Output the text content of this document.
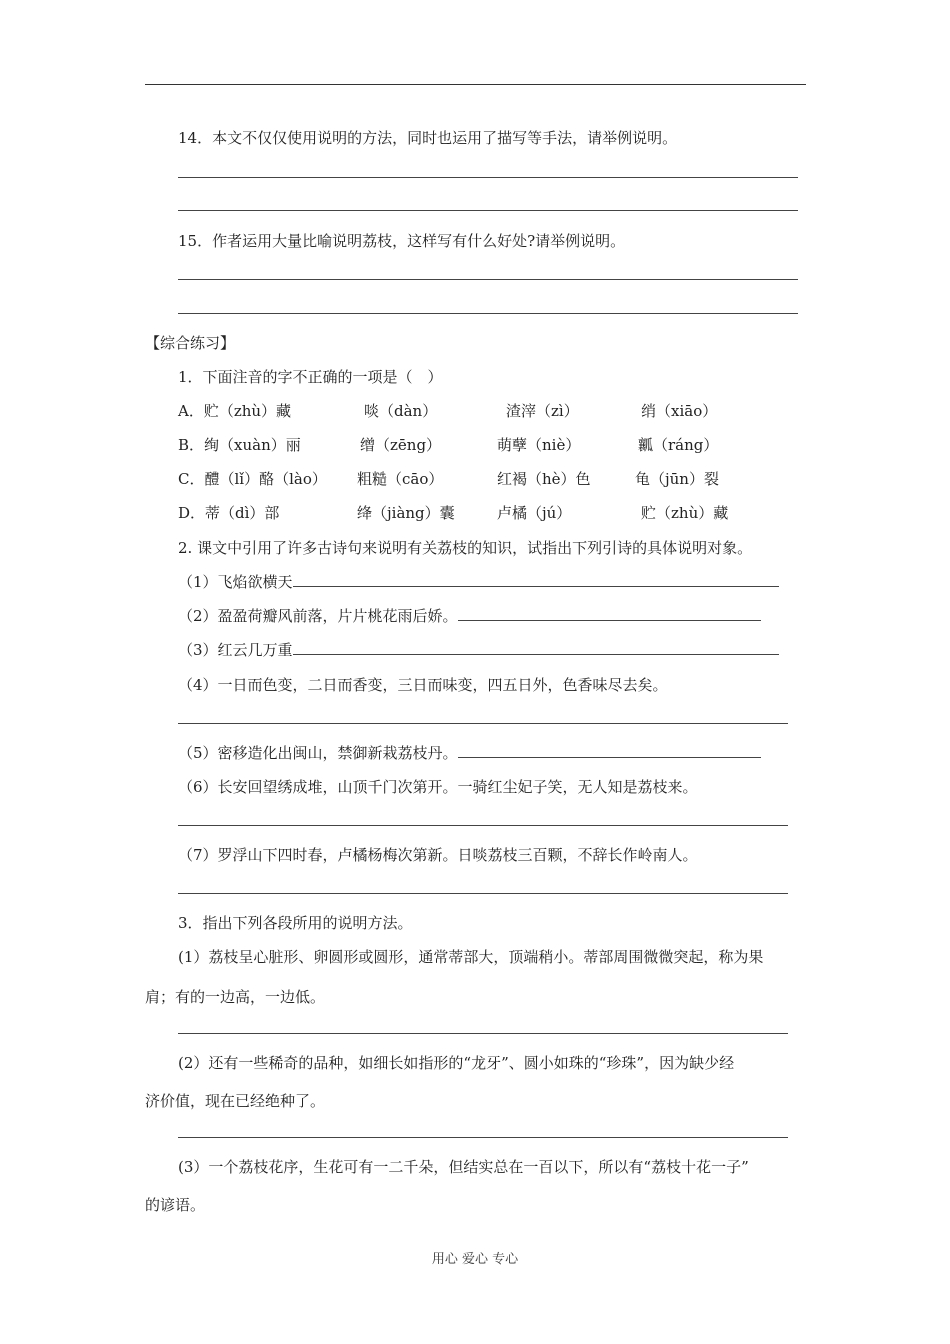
14．本文不仅仅使用说明的方法，同时也运用了描写等手法，请举例说明。
15．作者运用大量比喻说明荔枝，这样写有什么好处?请举例说明。
【综合练习】
1．下面注音的字不正确的一项是（　）
A．贮（zhù）藏	啖（dàn）	渣滓（zì）	绡（xiāo）
B．绚（xuàn）丽	缯（zēng）	萌孽（niè）	瓤（ráng）
C．醴（lǐ）酪（lào） 粗糙（cāo）	红褐（hè）色	龟（jūn）裂
D．蒂（dì）部	绛（jiàng）囊	卢橘（jú）	贮（zhù）藏
2. 课文中引用了许多古诗句来说明有关荔枝的知识，试指出下列引诗的具体说明对象。
（1）飞焰欲横天
（2）盈盈荷瓣风前落，片片桃花雨后娇。
（3）红云几万重
（4）一日而色变，二日而香变，三日而味变，四五日外，色香味尽去矣。
（5）密移造化出闽山，禁御新栽荔枝丹。
（6）长安回望绣成堆，山顶千门次第开。一骑红尘妃子笑，无人知是荔枝来。
（7）罗浮山下四时春，卢橘杨梅次第新。日啖荔枝三百颗，不辞长作岭南人。
3．指出下列各段所用的说明方法。
(1）荔枝呈心脏形、卵圆形或圆形，通常蒂部大，顶端稍小。蒂部周围微微突起，称为果
肩；有的一边高，一边低。
(2）还有一些稀奇的品种，如细长如指形的“龙牙”、圆小如珠的“珍珠”，因为缺少经
济价值，现在已经绝种了。
(3）一个荔枝花序，生花可有一二千朵，但结实总在一百以下，所以有“荔枝十花一子”
的谚语。
用心 爱心 专心
